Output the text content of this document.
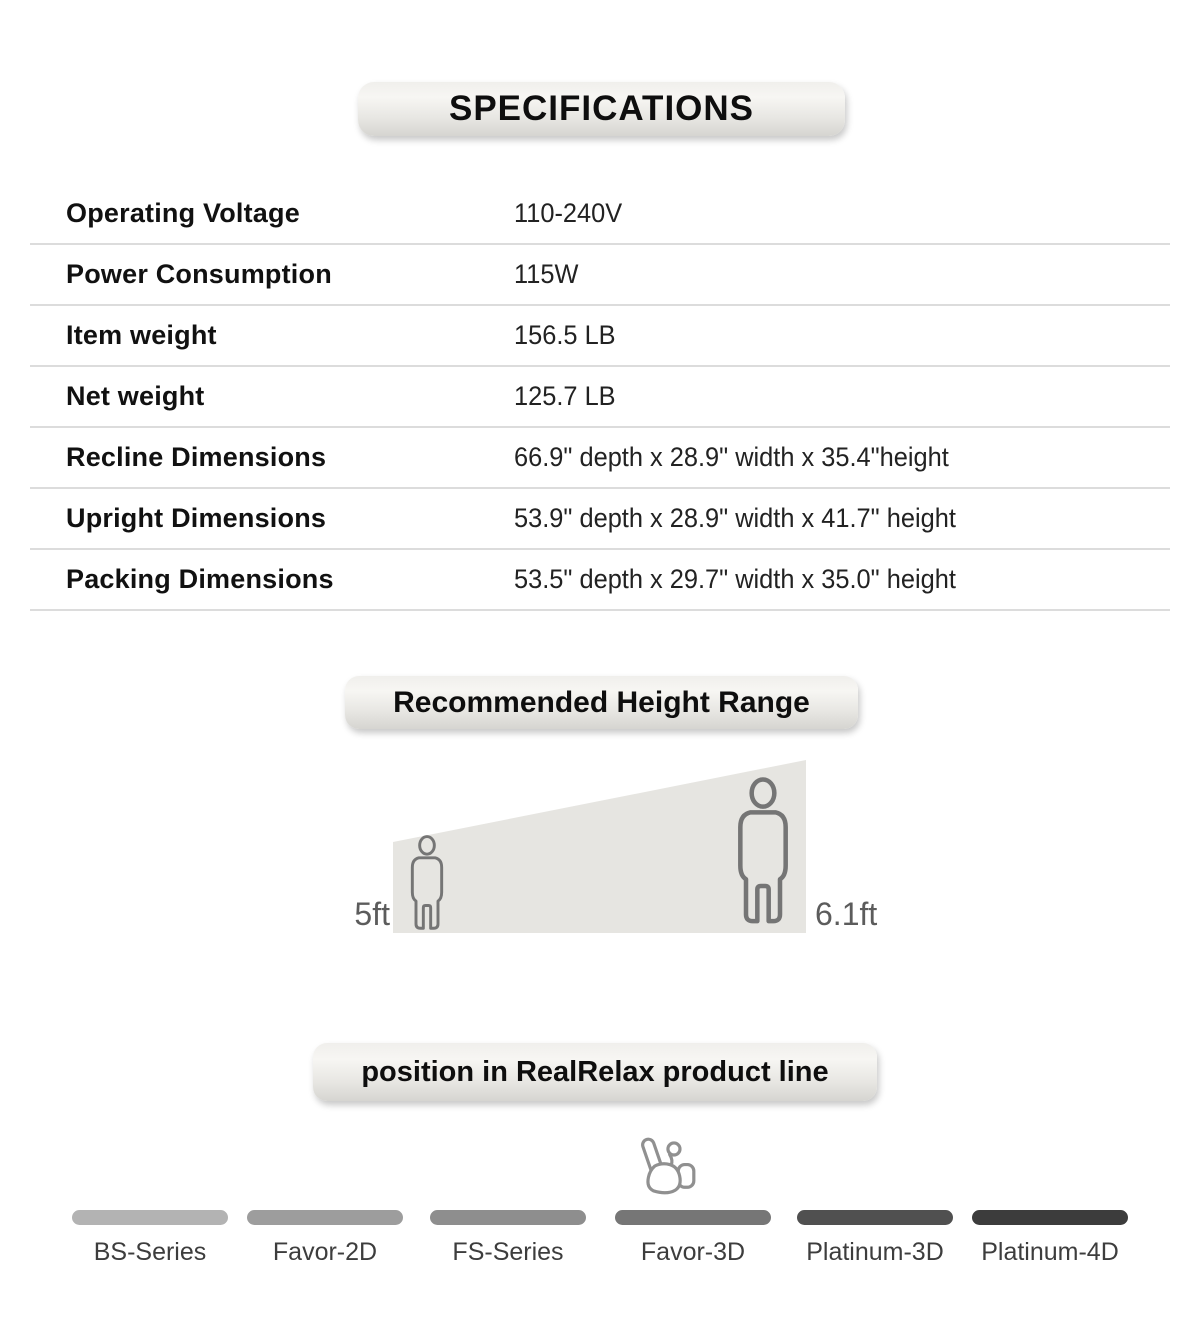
SPECIFICATIONS
Operating Voltage	110-240V
Power Consumption	115W
Item weight	156.5 LB
Net weight	125.7 LB
Recline Dimensions	66.9" depth x 28.9" width x 35.4"height
Upright Dimensions	53.9" depth x 28.9" width x 41.7" height
Packing Dimensions	53.5" depth x 29.7" width x 35.0" height
Recommended Height Range
5ft	6.1ft
position in RealRelax product line
BS-Series	Favor-2D	FS-Series	Favor-3D	Platinum-3D	Platinum-4D
